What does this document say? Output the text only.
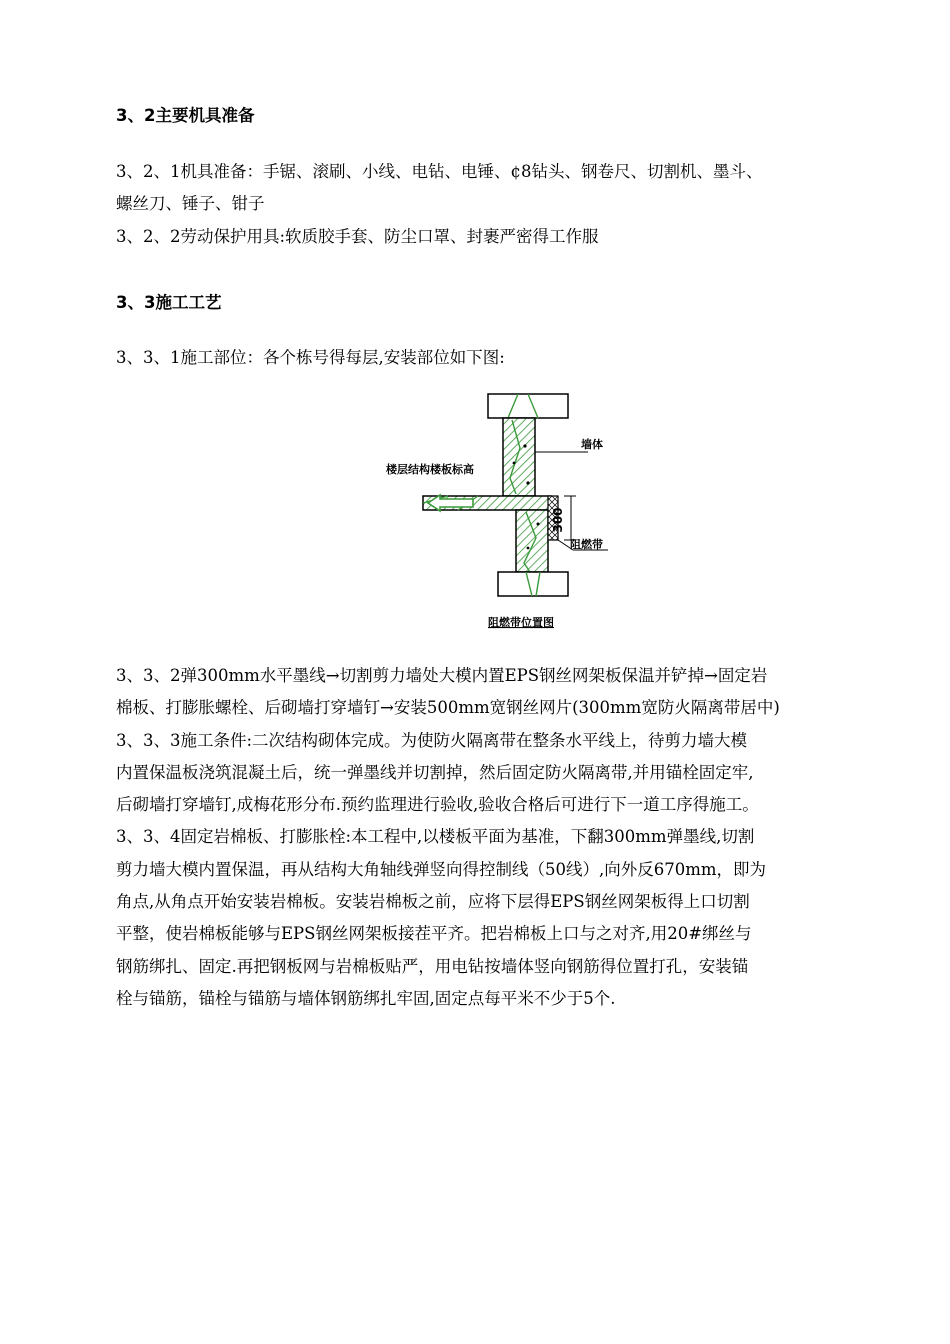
3、2主要机具准备
3、2、1机具准备：手锯、滚刷、小线、电钻、电锤、¢8钻头、钢卷尺、切割机、墨斗、
螺丝刀、锤子、钳子
3、2、2劳动保护用具:软质胶手套、防尘口罩、封裹严密得工作服
3、3施工工艺
3、3、1施工部位：各个栋号得每层,安装部位如下图:
300
墙体
阻燃带
楼层结构楼板标高
阻燃带位置图
3、3、2弹300mm水平墨线→切割剪力墙处大模内置EPS钢丝网架板保温并铲掉→固定岩
棉板、打膨胀螺栓、后砌墙打穿墙钉→安装500mm宽钢丝网片(300mm宽防火隔离带居中)
3、3、3施工条件:二次结构砌体完成。为使防火隔离带在整条水平线上，待剪力墙大模
内置保温板浇筑混凝土后，统一弹墨线并切割掉，然后固定防火隔离带,并用锚栓固定牢,
后砌墙打穿墙钉,成梅花形分布.预约监理进行验收,验收合格后可进行下一道工序得施工。
3、3、4固定岩棉板、打膨胀栓:本工程中,以楼板平面为基准，下翻300mm弹墨线,切割
剪力墙大模内置保温，再从结构大角轴线弹竖向得控制线（50线）,向外反670mm，即为
角点,从角点开始安装岩棉板。安装岩棉板之前，应将下层得EPS钢丝网架板得上口切割
平整，使岩棉板能够与EPS钢丝网架板接茬平齐。把岩棉板上口与之对齐,用20#绑丝与
钢筋绑扎、固定.再把钢板网与岩棉板贴严，用电钻按墙体竖向钢筋得位置打孔，安装锚
栓与锚筋，锚栓与锚筋与墙体钢筋绑扎牢固,固定点每平米不少于5个.
